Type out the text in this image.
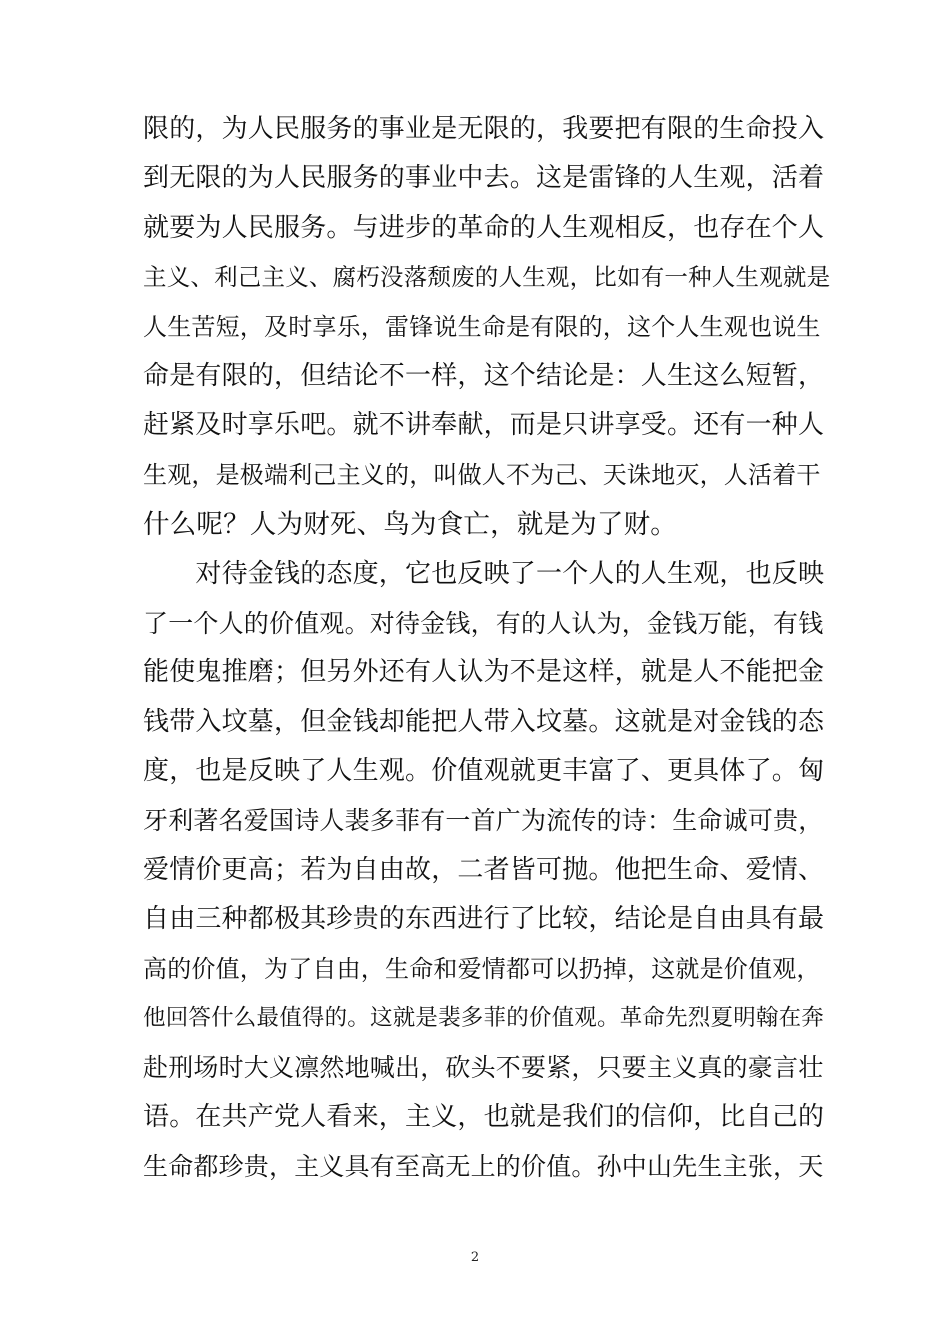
限的，为人民服务的事业是无限的，我要把有限的生命投入
到无限的为人民服务的事业中去。这是雷锋的人生观，活着
就要为人民服务。与进步的革命的人生观相反，也存在个人
主义、利己主义、腐朽没落颓废的人生观，比如有一种人生观就是
人生苦短，及时享乐，雷锋说生命是有限的，这个人生观也说生
命是有限的，但结论不一样，这个结论是：人生这么短暂，
赶紧及时享乐吧。就不讲奉献，而是只讲享受。还有一种人
生观，是极端利己主义的，叫做人不为己、天诛地灭，人活着干
什么呢？人为财死、鸟为食亡，就是为了财。
　　对待金钱的态度，它也反映了一个人的人生观，也反映
了一个人的价值观。对待金钱，有的人认为，金钱万能，有钱
能使鬼推磨；但另外还有人认为不是这样，就是人不能把金
钱带入坟墓，但金钱却能把人带入坟墓。这就是对金钱的态
度，也是反映了人生观。价值观就更丰富了、更具体了。匈
牙利著名爱国诗人裴多菲有一首广为流传的诗：生命诚可贵，
爱情价更高；若为自由故，二者皆可抛。他把生命、爱情、
自由三种都极其珍贵的东西进行了比较，结论是自由具有最
高的价值，为了自由，生命和爱情都可以扔掉，这就是价值观，
他回答什么最值得的。这就是裴多菲的价值观。革命先烈夏明翰在奔
赴刑场时大义凛然地喊出，砍头不要紧，只要主义真的豪言壮
语。在共产党人看来，主义，也就是我们的信仰，比自己的
生命都珍贵，主义具有至高无上的价值。孙中山先生主张，天
2
